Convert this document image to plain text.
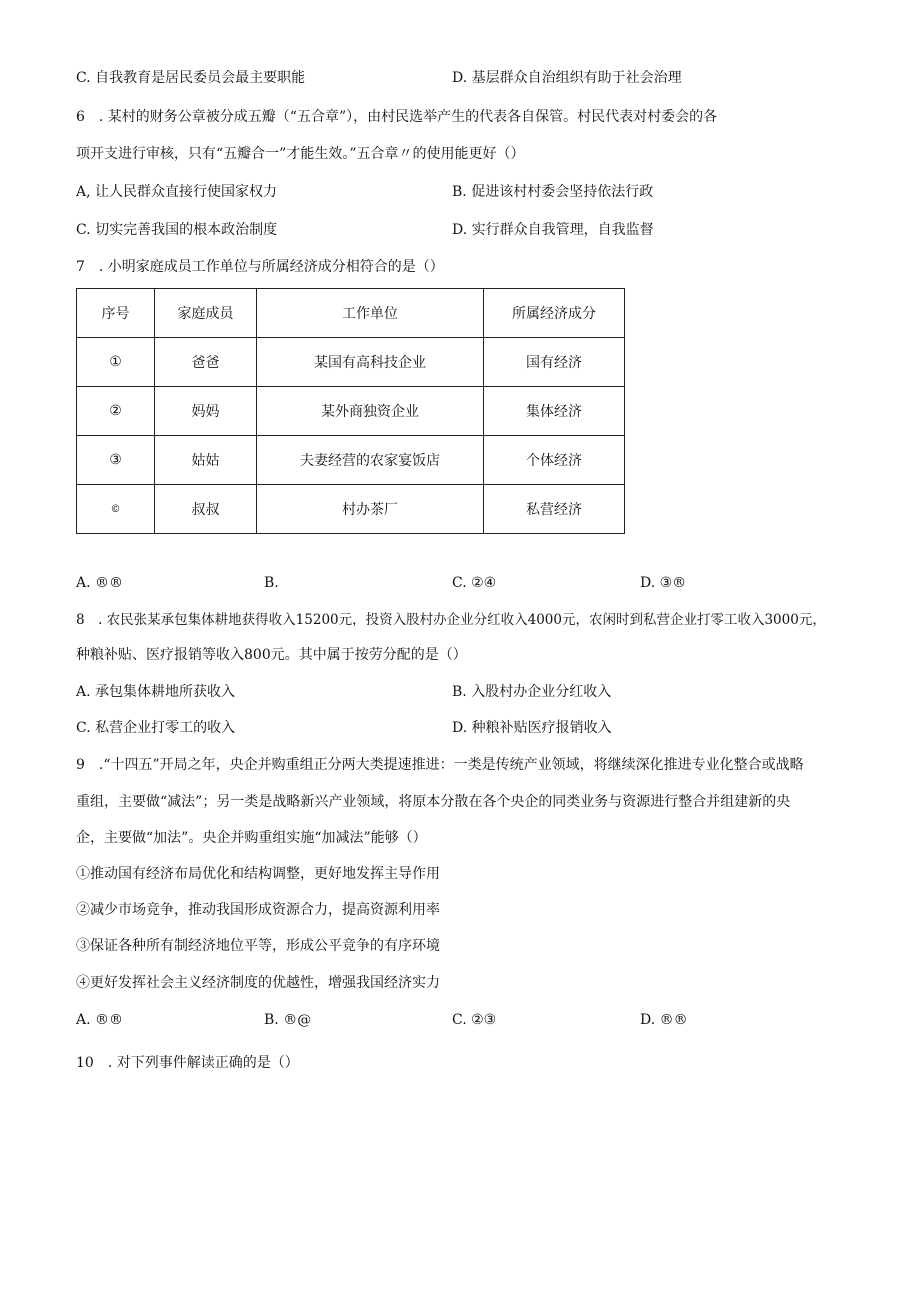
C. 自我教育是居民委员会最主要职能	D. 基层群众自治组织有助于社会治理
6　. 某村的财务公章被分成五瓣（“五合章”），由村民选举产生的代表各自保管。村民代表对村委会的各
项开支进行审核，只有“五瓣合一”才能生效。”五合章〃的使用能更好（）
A, 让人民群众直接行使国家权力	B. 促进该村村委会坚持依法行政
C. 切实完善我国的根本政治制度	D. 实行群众自我管理，自我监督
7　. 小明家庭成员工作单位与所属经济成分相符合的是（）
序号	家庭成员	工作单位	所属经济成分
①	爸爸	某国有高科技企业	国有经济
②	妈妈	某外商独资企业	集体经济
③	姑姑	夫妻经营的农家宴饭店	个体经济
©	叔叔	村办茶厂	私营经济
A. ®®	B.	C. ②④	D. ③®
8　. 农民张某承包集体耕地获得收入15200元，投资入股村办企业分红收入4000元，农闲时到私营企业打零工收入3000元，
种粮补贴、医疗报销等收入800元。其中属于按劳分配的是（）
A. 承包集体耕地所获收入	B. 入股村办企业分红收入
C. 私营企业打零工的收入	D. 种粮补贴医疗报销收入
9　.“十四五”开局之年，央企并购重组正分两大类提速推进：一类是传统产业领域，将继续深化推进专业化整合或战略
重组，主要做“减法”；另一类是战略新兴产业领域，将原本分散在各个央企的同类业务与资源进行整合并组建新的央
企，主要做“加法”。央企并购重组实施“加减法”能够（）
①推动国有经济布局优化和结构调整，更好地发挥主导作用
②减少市场竞争，推动我国形成资源合力，提高资源利用率
③保证各种所有制经济地位平等，形成公平竞争的有序环境
④更好发挥社会主义经济制度的优越性，增强我国经济实力
A. ®®	B. ®@	C. ②③	D. ®®
10　. 对下列事件解读正确的是（）
